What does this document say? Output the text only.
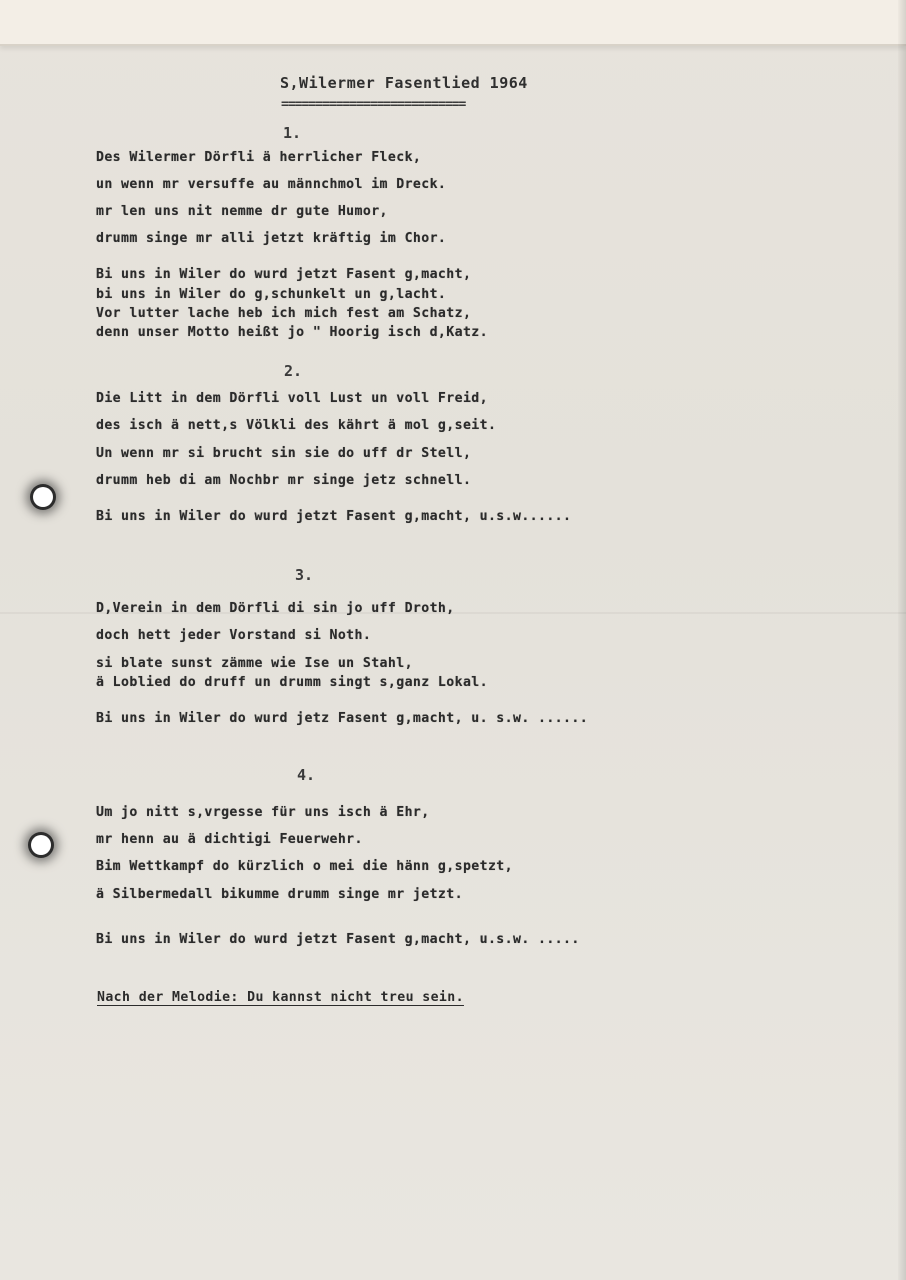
S,Wilermer Fasentlied 1964
===========================
1.
Des Wilermer Dörfli ä herrlicher Fleck,
un wenn mr versuffe au männchmol im Dreck.
mr len uns nit nemme dr gute Humor,
drumm singe mr alli jetzt kräftig im Chor.
Bi uns in Wiler do wurd jetzt Fasent g,macht,
bi uns in Wiler do g,schunkelt un g,lacht.
Vor lutter lache heb ich mich fest am Schatz,
denn unser Motto heißt jo " Hoorig isch d,Katz.
2.
Die Litt in dem Dörfli voll Lust un voll Freid,
des isch ä nett,s Völkli des kährt ä mol g,seit.
Un wenn mr si brucht sin sie do uff dr Stell,
drumm heb di am Nochbr mr singe jetz schnell.
Bi uns in Wiler do wurd jetzt Fasent g,macht, u.s.w......
3.
D,Verein in dem Dörfli di sin jo uff Droth,
doch hett jeder Vorstand si Noth.
si blate sunst zämme wie Ise un Stahl,
ä Loblied do druff un drumm singt s,ganz Lokal.
Bi uns in Wiler do wurd jetz Fasent g,macht, u. s.w. ......
4.
Um jo nitt s,vrgesse für uns isch ä Ehr,
mr henn au ä dichtigi Feuerwehr.
Bim Wettkampf do kürzlich o mei die hänn g,spetzt,
ä Silbermedall bikumme drumm singe mr jetzt.
Bi uns in Wiler do wurd jetzt Fasent g,macht, u.s.w. .....
Nach der Melodie: Du kannst nicht treu sein.
